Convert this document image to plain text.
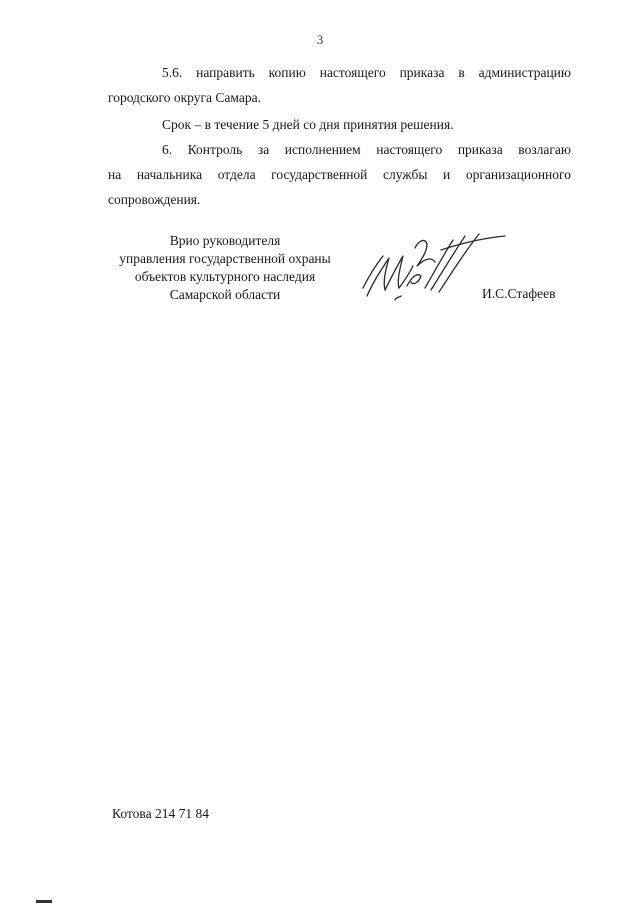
3
5.6. направить копию настоящего приказа в администрацию
городского округа Самара.
Срок – в течение 5 дней со дня принятия решения.
6. Контроль за исполнением настоящего приказа возлагаю
на начальника отдела государственной службы и организационного
сопровождения.
Врио руководителя
управления государственной охраны
объектов культурного наследия
Самарской области	И.С.Стафеев
Котова 214 71 84
